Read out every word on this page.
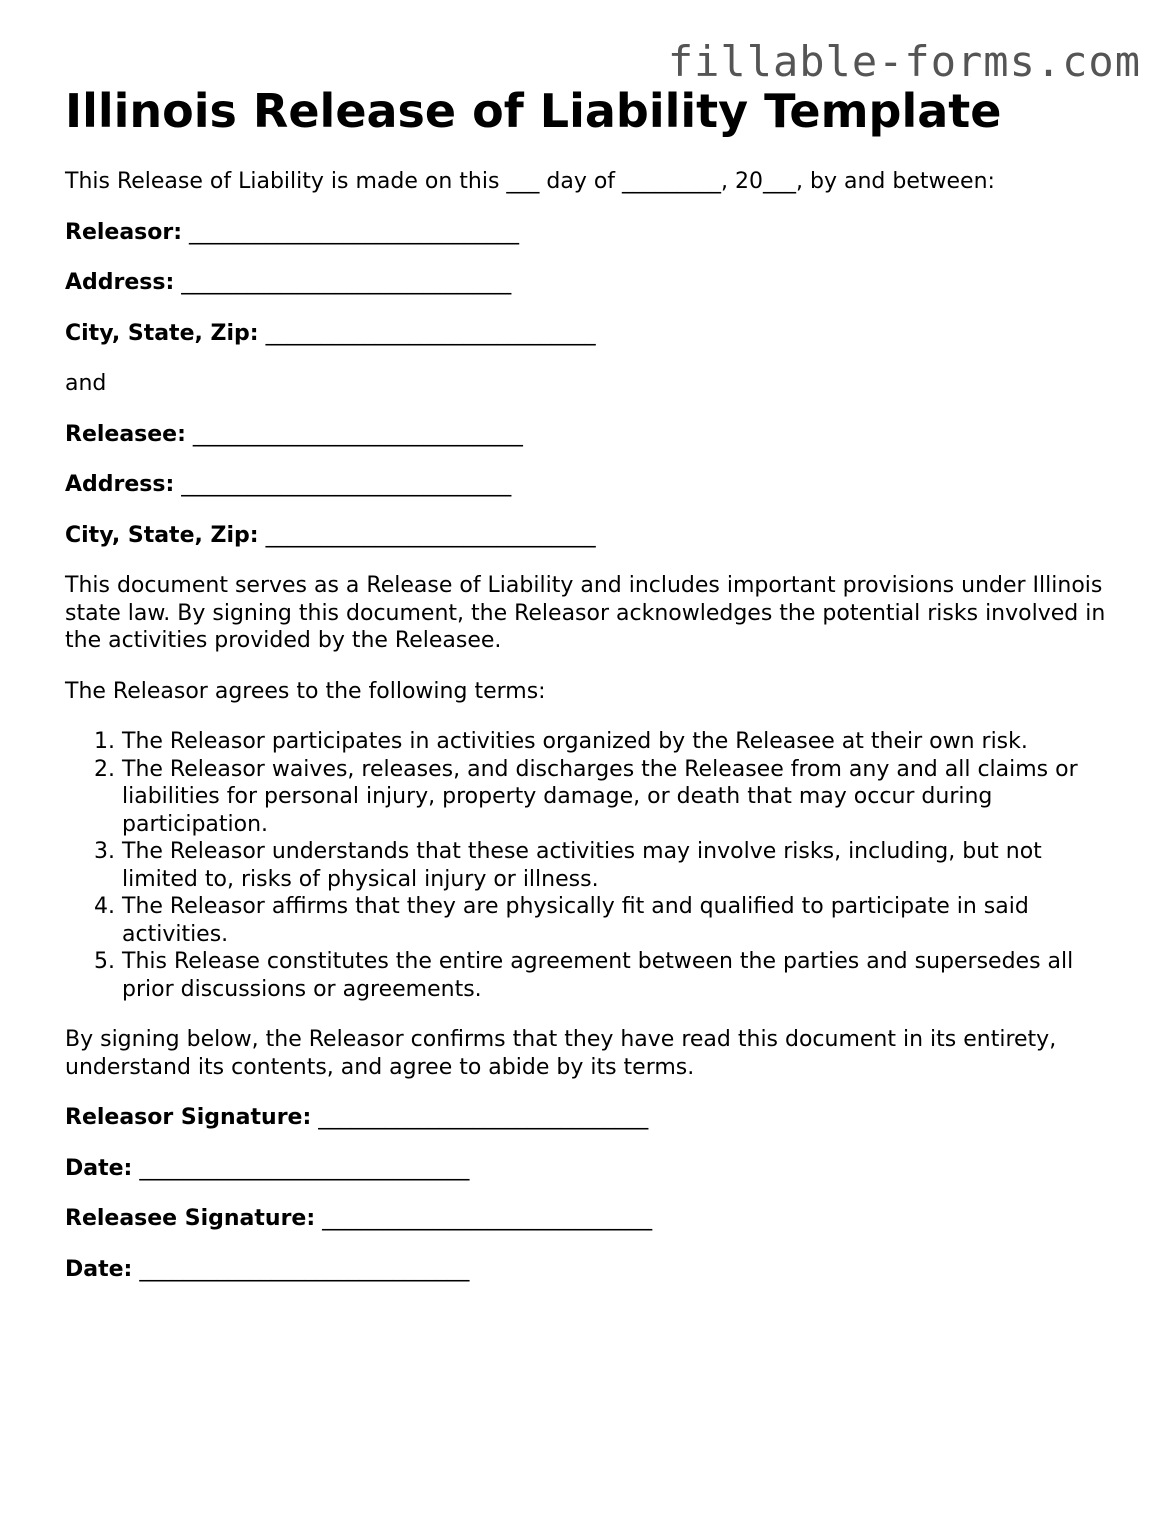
fillable-forms.com
Illinois Release of Liability Template

This Release of Liability is made on this ___ day of _________, 20___, by and between:

Releasor: ______________________________
Address: ______________________________
City, State, Zip: ______________________________

and

Releasee: ______________________________
Address: ______________________________
City, State, Zip: ______________________________

This document serves as a Release of Liability and includes important provisions under Illinois state law. By signing this document, the Releasor acknowledges the potential risks involved in the activities provided by the Releasee.

The Releasor agrees to the following terms:

1. The Releasor participates in activities organized by the Releasee at their own risk.
2. The Releasor waives, releases, and discharges the Releasee from any and all claims or liabilities for personal injury, property damage, or death that may occur during participation.
3. The Releasor understands that these activities may involve risks, including, but not limited to, risks of physical injury or illness.
4. The Releasor affirms that they are physically fit and qualified to participate in said activities.
5. This Release constitutes the entire agreement between the parties and supersedes all prior discussions or agreements.

By signing below, the Releasor confirms that they have read this document in its entirety, understand its contents, and agree to abide by its terms.

Releasor Signature: ______________________________
Date: ______________________________
Releasee Signature: ______________________________
Date: ______________________________
